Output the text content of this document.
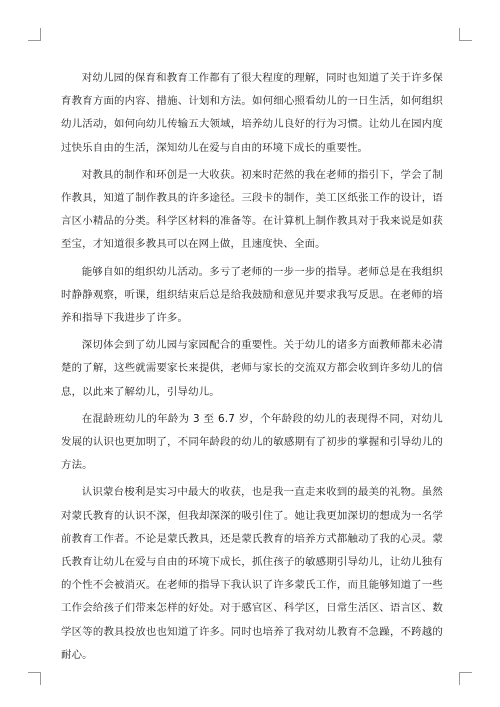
对幼儿园的保育和教育工作都有了很大程度的理解，同时也知道了关于许多保育教育方面的内容、措施、计划和方法。如何细心照看幼儿的一日生活，如何组织幼儿活动，如何向幼儿传输五大领域，培养幼儿良好的行为习惯。让幼儿在园内度过快乐自由的生活，深知幼儿在爱与自由的环境下成长的重要性。

对教具的制作和环创是一大收获。初来时茫然的我在老师的指引下，学会了制作教具，知道了制作教具的许多途径。三段卡的制作，美工区纸张工作的设计，语言区小精品的分类。科学区材料的准备等。在计算机上制作教具对于我来说是如获至宝，才知道很多教具可以在网上做，且速度快、全面。

能够自如的组织幼儿活动。多亏了老师的一步一步的指导。老师总是在我组织时静静观察，听课，组织结束后总是给我鼓励和意见并要求我写反思。在老师的培养和指导下我进步了许多。

深切体会到了幼儿园与家园配合的重要性。关于幼儿的诸多方面教师都未必清楚的了解，这些就需要家长来提供，老师与家长的交流双方都会收到许多幼儿的信息，以此来了解幼儿，引导幼儿。

在混龄班幼儿的年龄为 3 至 6.7 岁，个年龄段的幼儿的表现得不同，对幼儿发展的认识也更加明了，不同年龄段的幼儿的敏感期有了初步的掌握和引导幼儿的方法。

认识蒙台梭利是实习中最大的收获，也是我一直走来收到的最美的礼物。虽然对蒙氏教育的认识不深，但我却深深的吸引住了。她让我更加深切的想成为一名学前教育工作者。不论是蒙氏教具，还是蒙氏教育的培养方式都触动了我的心灵。蒙氏教育让幼儿在爱与自由的环境下成长，抓住孩子的敏感期引导幼儿，让幼儿独有的个性不会被消灭。在老师的指导下我认识了许多蒙氏工作，而且能够知道了一些工作会给孩子们带来怎样的好处。对于感官区、科学区，日常生活区、语言区、数学区等的教具投放也也知道了许多。同时也培养了我对幼儿教育不急躁，不跨越的耐心。
